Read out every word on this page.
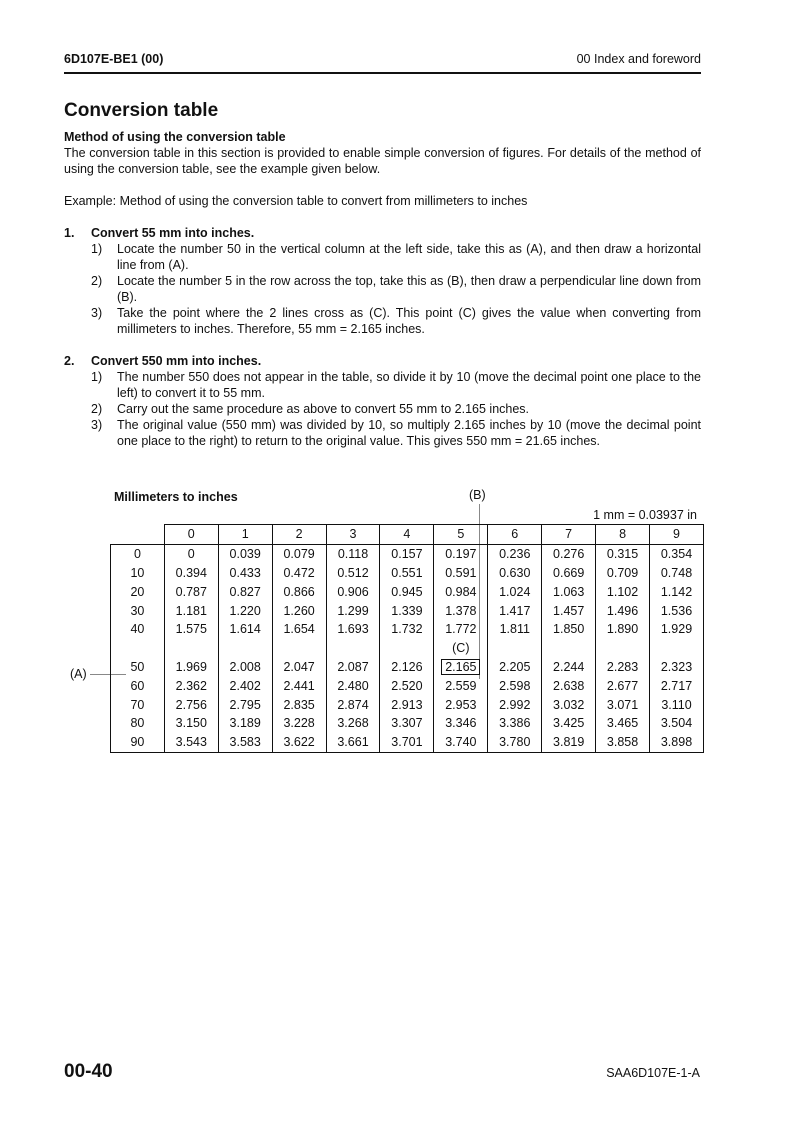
6D107E-BE1 (00)	00 Index and foreword
Conversion table

Method of using the conversion table

The conversion table in this section is provided to enable simple conversion of figures. For details of the method of using the conversion table, see the example given below.

Example: Method of using the conversion table to convert from millimeters to inches

1.	Convert 55 mm into inches.
1)	Locate the number 50 in the vertical column at the left side, take this as (A), and then draw a horizontal line from (A).
2)	Locate the number 5 in the row across the top, take this as (B), then draw a perpendicular line down from (B).
3)	Take the point where the 2 lines cross as (C). This point (C) gives the value when converting from millimeters to inches. Therefore, 55 mm = 2.165 inches.
2.	Convert 550 mm into inches.
1)	The number 550 does not appear in the table, so divide it by 10 (move the decimal point one place to the left) to convert it to 55 mm.
2)	Carry out the same procedure as above to convert 55 mm to 2.165 inches.
3)	The original value (550 mm) was divided by 10, so multiply 2.165 inches by 10 (move the decimal point one place to the right) to return to the original value. This gives 550 mm = 21.65 inches.
Millimeters to inches	(B)
1 mm = 0.03937 in
(A)
	0	1	2	3	4	5	6	7	8	9
0	0	0.039	0.079	0.118	0.157	0.197	0.236	0.276	0.315	0.354
10	0.394	0.433	0.472	0.512	0.551	0.591	0.630	0.669	0.709	0.748
20	0.787	0.827	0.866	0.906	0.945	0.984	1.024	1.063	1.102	1.142
30	1.181	1.220	1.260	1.299	1.339	1.378	1.417	1.457	1.496	1.536
40	1.575	1.614	1.654	1.693	1.732	1.772	1.811	1.850	1.890	1.929
						(C)				
50	1.969	2.008	2.047	2.087	2.126	2.165	2.205	2.244	2.283	2.323
60	2.362	2.402	2.441	2.480	2.520	2.559	2.598	2.638	2.677	2.717
70	2.756	2.795	2.835	2.874	2.913	2.953	2.992	3.032	3.071	3.110
80	3.150	3.189	3.228	3.268	3.307	3.346	3.386	3.425	3.465	3.504
90	3.543	3.583	3.622	3.661	3.701	3.740	3.780	3.819	3.858	3.898
00-40	SAA6D107E-1-A
